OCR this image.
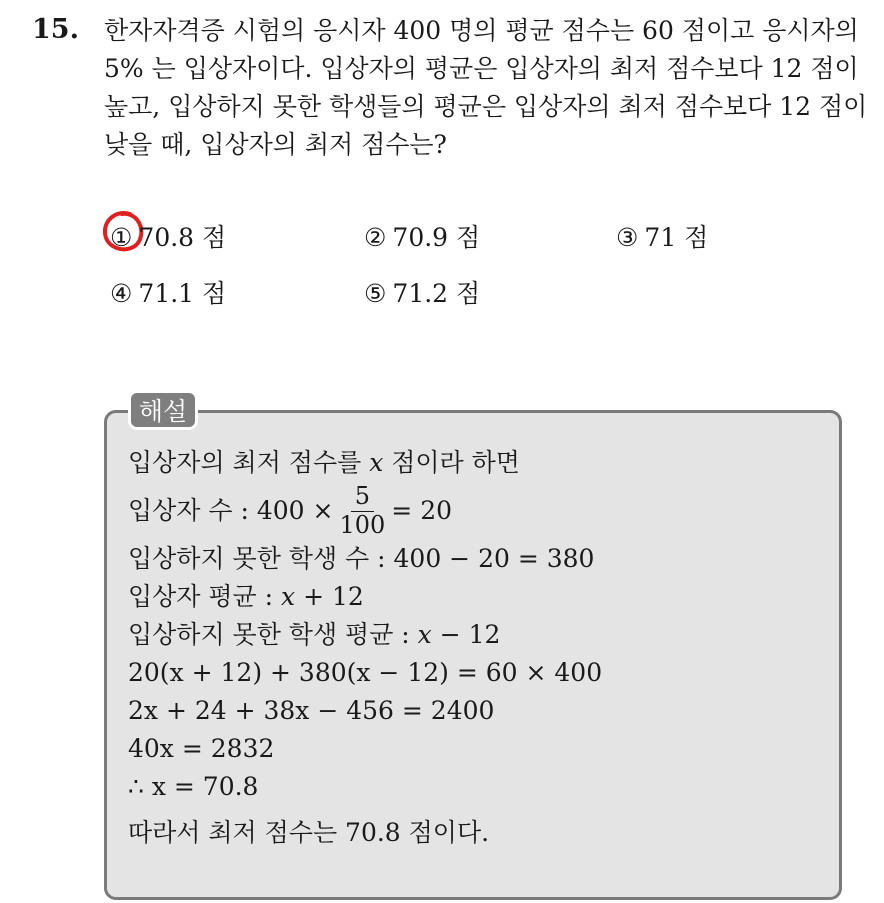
15. 한자자격증 시험의 응시자 400 명의 평균 점수는 60 점이고 응시자의
5% 는 입상자이다. 입상자의 평균은 입상자의 최저 점수보다 12 점이
높고, 입상하지 못한 학생들의 평균은 입상자의 최저 점수보다 12 점이
낮을 때, 입상자의 최저 점수는?
① 70.8 점	② 70.9 점	③ 71 점
④ 71.1 점	⑤ 71.2 점
해설
입상자의 최저 점수를 x 점이라 하면
입상자 수 : $400 \times \frac{5}{100} = 20$
입상하지 못한 학생 수 : 400 − 20 = 380
입상자 평균 : x + 12
입상하지 못한 학생 평균 : x − 12
20(x + 12) + 380(x − 12) = 60 × 400
2x + 24 + 38x − 456 = 2400
40x = 2832
∴ x = 70.8
따라서 최저 점수는 70.8 점이다.
